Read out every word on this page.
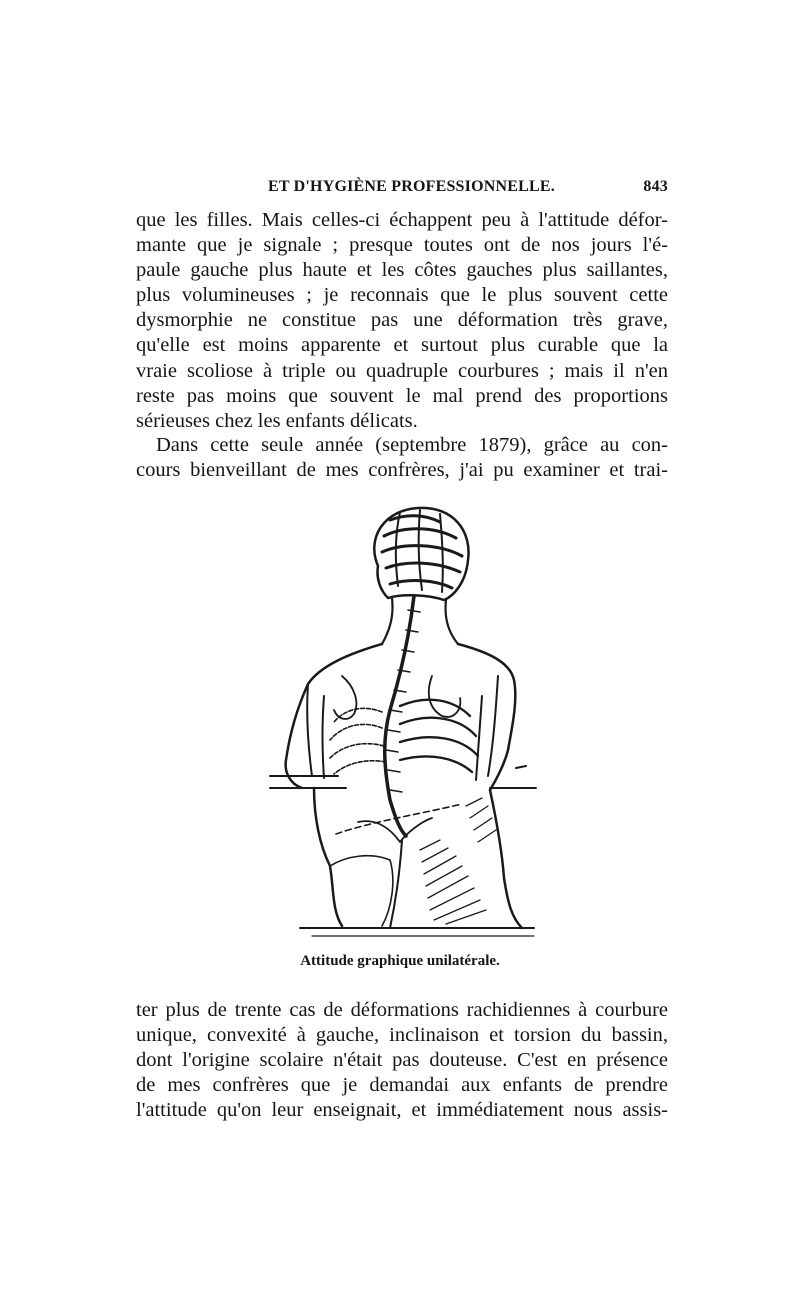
ET D'HYGIÈNE PROFESSIONNELLE.	843
que les filles. Mais celles-ci échappent peu à l'attitude défor-
mante que je signale ; presque toutes ont de nos jours l'é-
paule gauche plus haute et les côtes gauches plus saillantes,
plus volumineuses ; je reconnais que le plus souvent cette
dysmorphie ne constitue pas une déformation très grave,
qu'elle est moins apparente et surtout plus curable que la
vraie scoliose à triple ou quadruple courbures ; mais il n'en
reste pas moins que souvent le mal prend des proportions
sérieuses chez les enfants délicats.
Dans cette seule année (septembre 1879), grâce au con-
cours bienveillant de mes confrères, j'ai pu examiner et trai-
Attitude graphique unilatérale.
ter plus de trente cas de déformations rachidiennes à courbure
unique, convexité à gauche, inclinaison et torsion du bassin,
dont l'origine scolaire n'était pas douteuse. C'est en présence
de mes confrères que je demandai aux enfants de prendre
l'attitude qu'on leur enseignait, et immédiatement nous assis-
